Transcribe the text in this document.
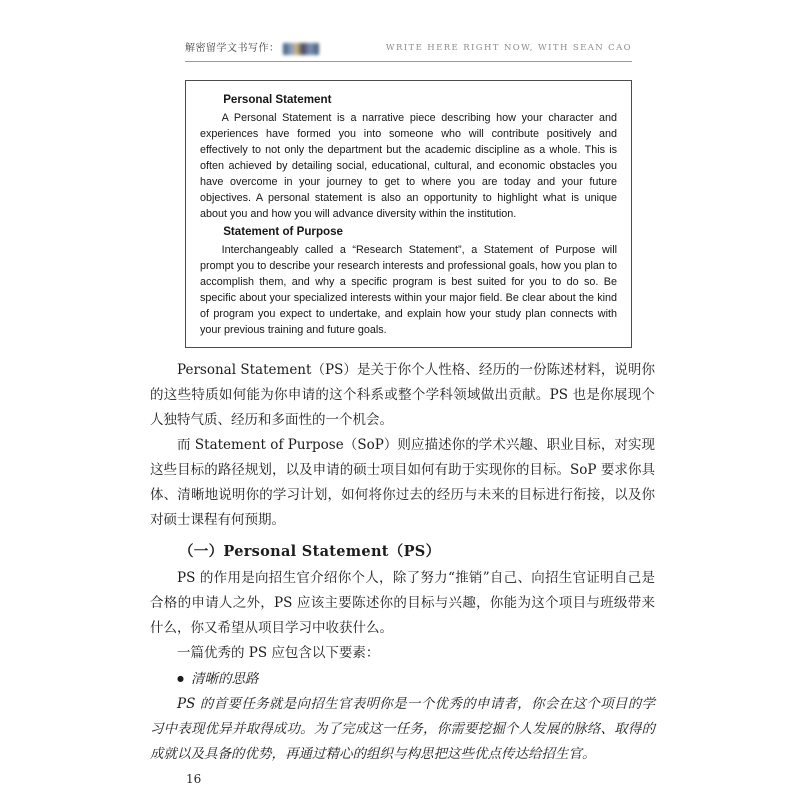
解密留学文书写作：	WRITE HERE RIGHT NOW, WITH SEAN CAO
Personal Statement
A Personal Statement is a narrative piece describing how your character and experiences have formed you into someone who will contribute positively and effectively to not only the department but the academic discipline as a whole. This is often achieved by detailing social, educational, cultural, and economic obstacles you have overcome in your journey to get to where you are today and your future objectives. A personal statement is also an opportunity to highlight what is unique about you and how you will advance diversity within the institution.
Statement of Purpose
Interchangeably called a “Research Statement”, a Statement of Purpose will prompt you to describe your research interests and professional goals, how you plan to accomplish them, and why a specific program is best suited for you to do so. Be specific about your specialized interests within your major field. Be clear about the kind of program you expect to undertake, and explain how your study plan connects with your previous training and future goals.

Personal Statement（PS）是关于你个人性格、经历的一份陈述材料，说明你的这些特质如何能为你申请的这个科系或整个学科领域做出贡献。PS 也是你展现个人独特气质、经历和多面性的一个机会。

而 Statement of Purpose（SoP）则应描述你的学术兴趣、职业目标，对实现这些目标的路径规划，以及申请的硕士项目如何有助于实现你的目标。SoP 要求你具体、清晰地说明你的学习计划，如何将你过去的经历与未来的目标进行衔接，以及你对硕士课程有何预期。

（一）Personal Statement（PS）

PS 的作用是向招生官介绍你个人，除了努力“推销”自己、向招生官证明自己是合格的申请人之外，PS 应该主要陈述你的目标与兴趣，你能为这个项目与班级带来什么，你又希望从项目学习中收获什么。

一篇优秀的 PS 应包含以下要素：

● 清晰的思路

PS 的首要任务就是向招生官表明你是一个优秀的申请者，你会在这个项目的学习中表现优异并取得成功。为了完成这一任务，你需要挖掘个人发展的脉络、取得的成就以及具备的优势，再通过精心的组织与构思把这些优点传达给招生官。

16
